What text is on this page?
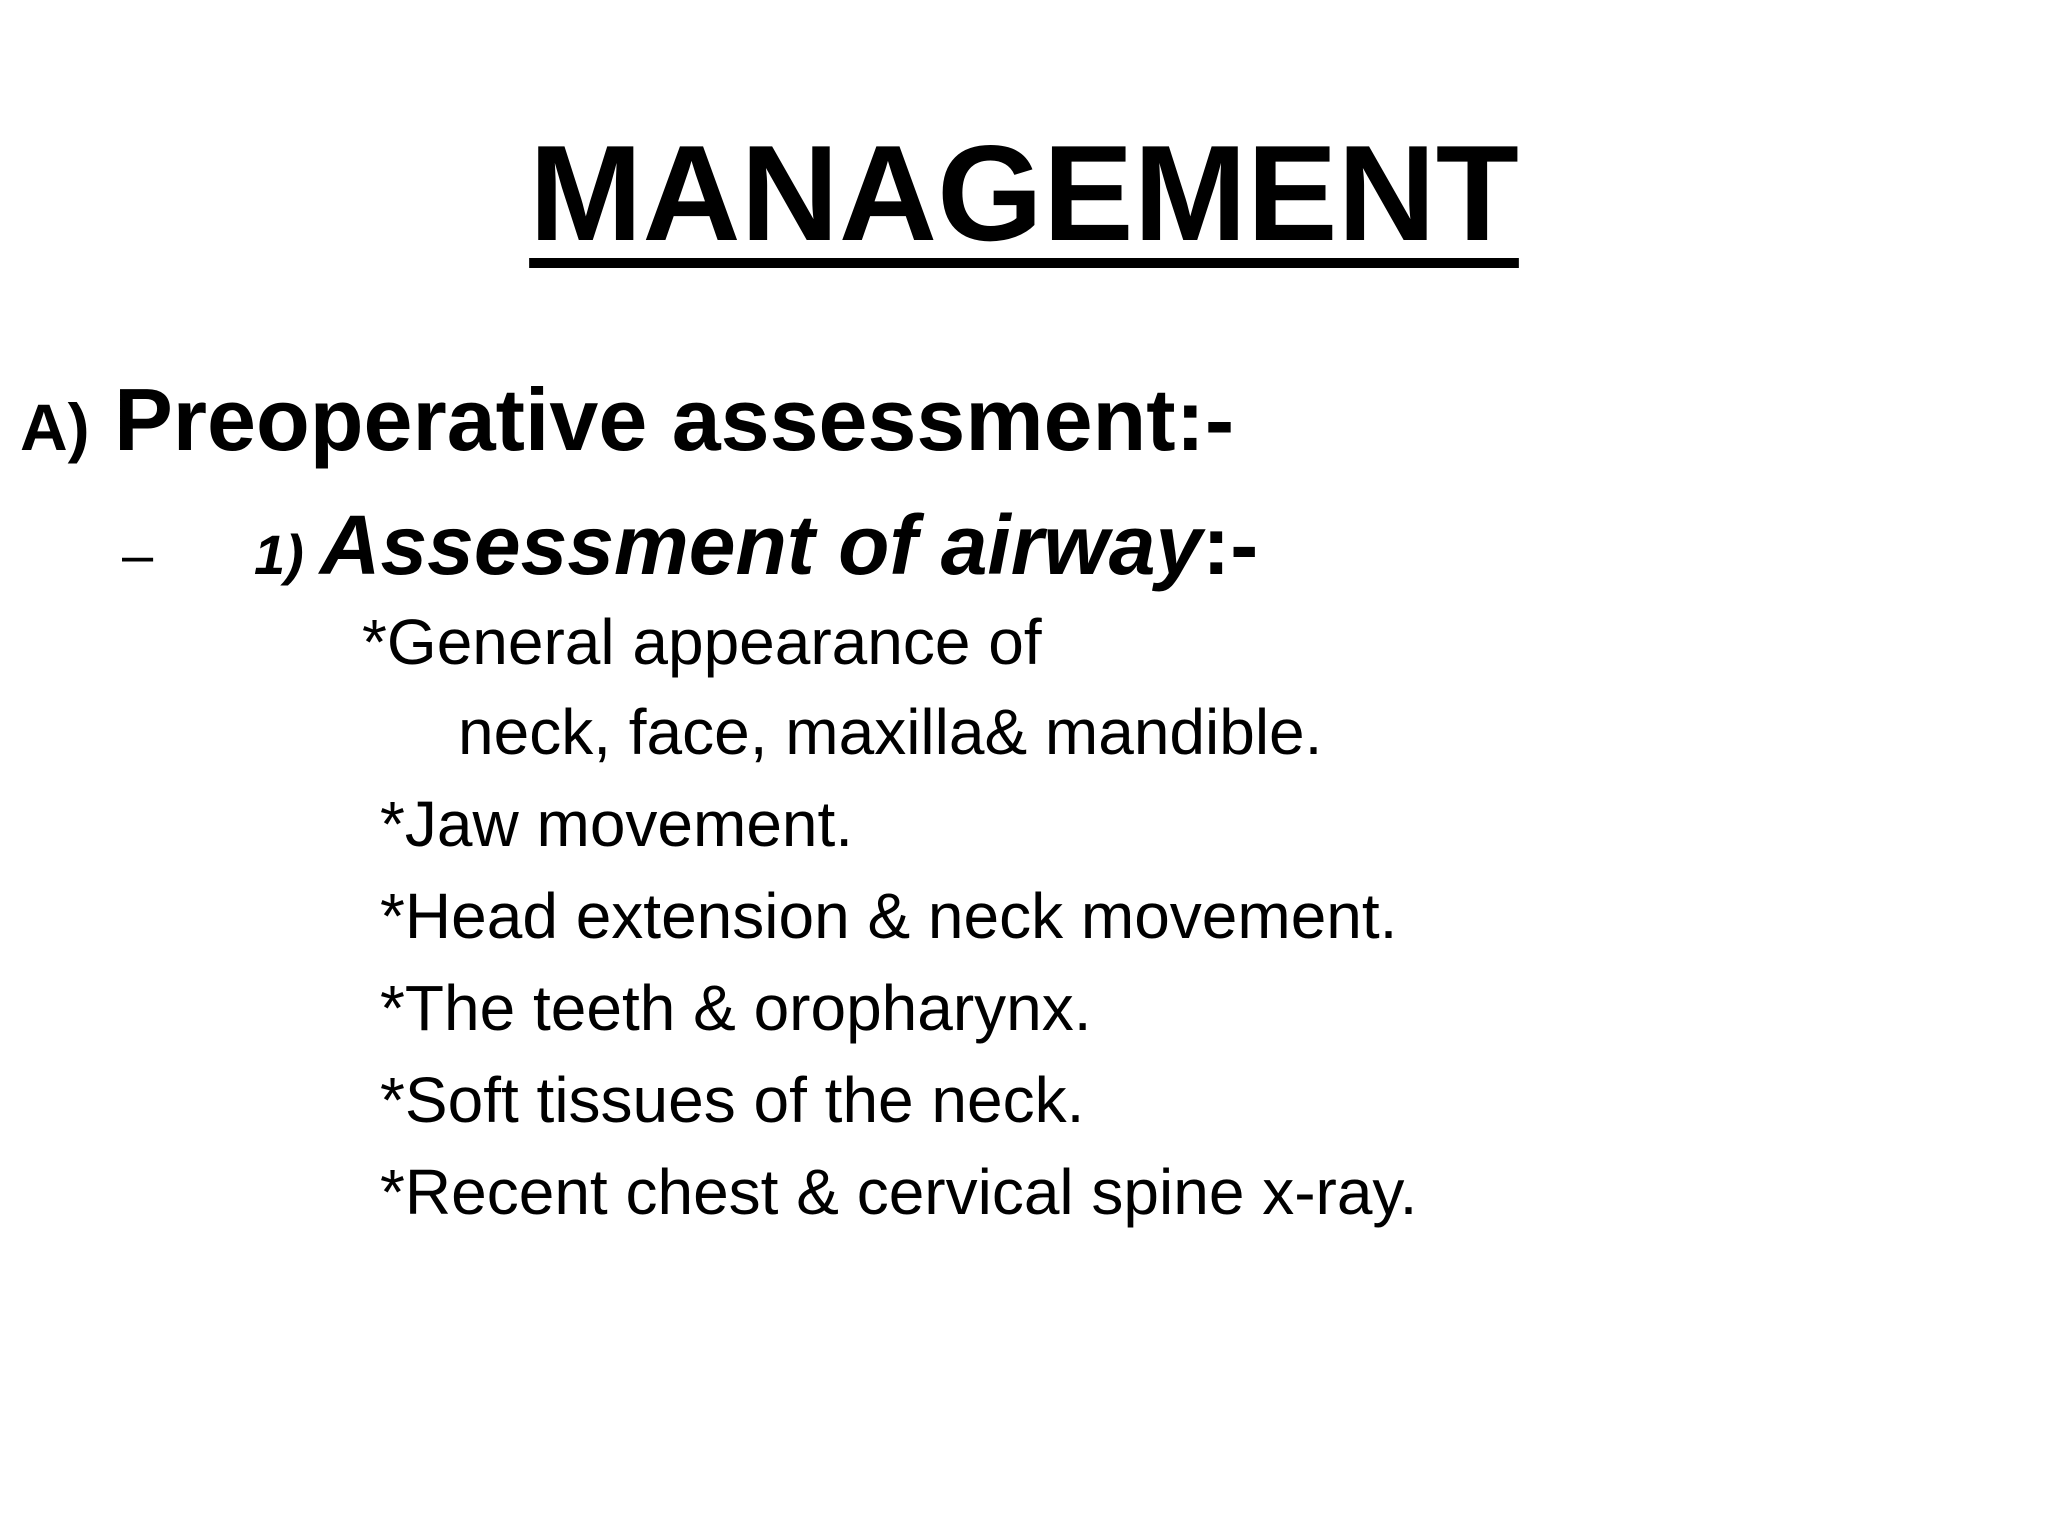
MANAGEMENT
A) Preoperative assessment:-
– 1) Assessment of airway:-
*General appearance of
neck, face, maxilla& mandible.
*Jaw movement.
*Head extension & neck movement.
*The teeth & oropharynx.
*Soft tissues of the neck.
*Recent chest & cervical spine x-ray.
